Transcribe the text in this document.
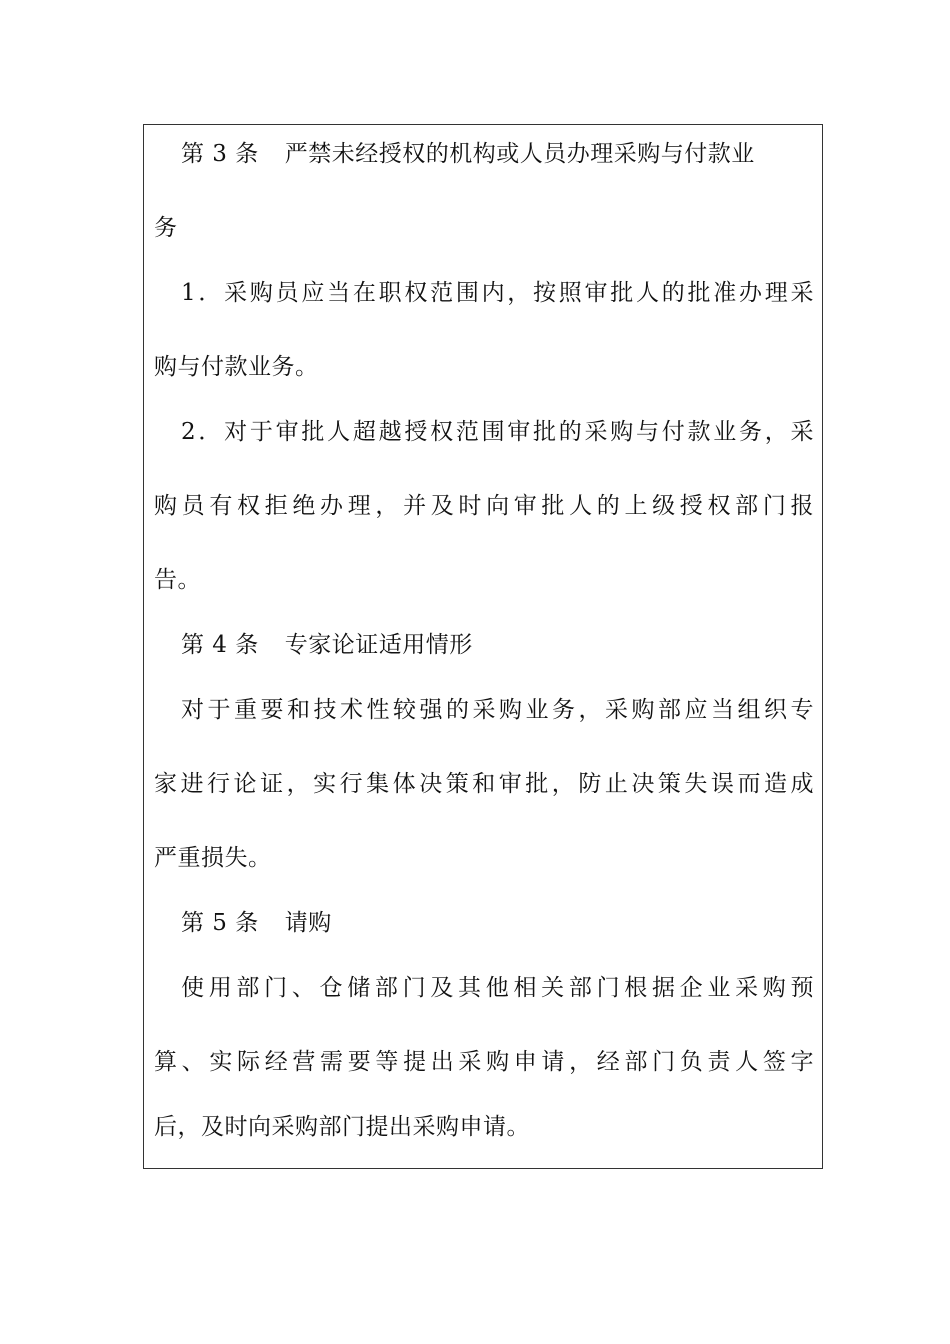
第 3 条 严禁未经授权的机构或人员办理采购与付款业
务
1．采购员应当在职权范围内，按照审批人的批准办理采
购与付款业务。
2．对于审批人超越授权范围审批的采购与付款业务，采
购员有权拒绝办理，并及时向审批人的上级授权部门报
告。
第 4 条 专家论证适用情形
对于重要和技术性较强的采购业务，采购部应当组织专
家进行论证，实行集体决策和审批，防止决策失误而造成
严重损失。
第 5 条 请购
使用部门、仓储部门及其他相关部门根据企业采购预
算、实际经营需要等提出采购申请，经部门负责人签字
后，及时向采购部门提出采购申请。
